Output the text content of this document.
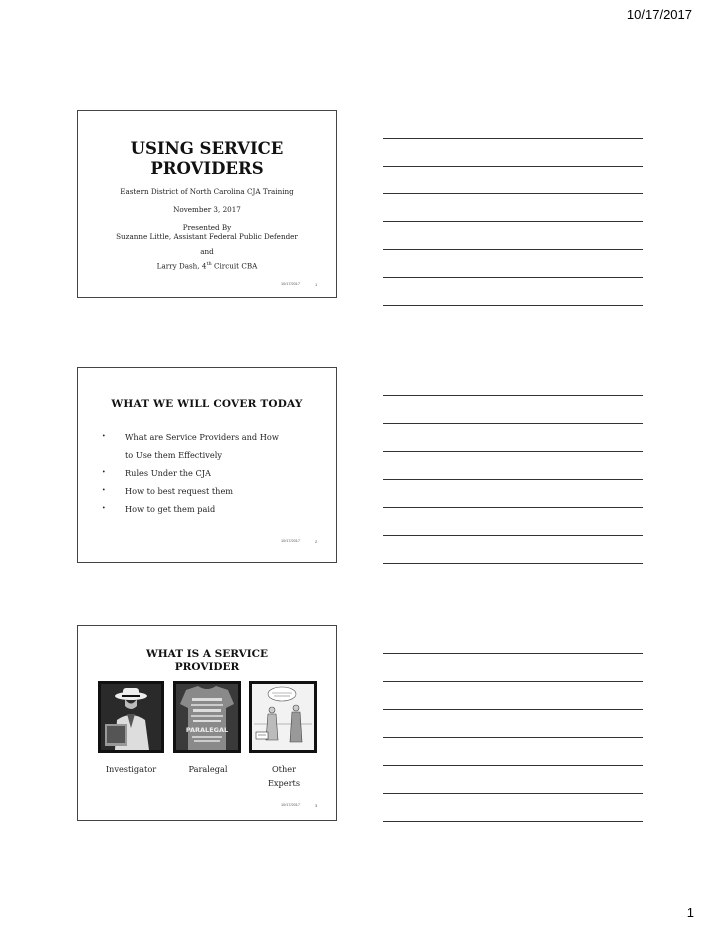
10/17/2017
USING SERVICE
PROVIDERS
Eastern District of North Carolina CJA Training
November 3, 2017
Presented By
Suzanne Little, Assistant Federal Public Defender
and
Larry Dash, 4th Circuit CBA
10/17/2017	1
WHAT WE WILL COVER TODAY
• What are Service Providers and How
to Use them Effectively
• Rules Under the CJA
• How to best request them
• How to get them paid
10/17/2017	2
WHAT IS A SERVICE
PROVIDER
PARALEGAL
Investigator	Paralegal	Other
Experts
10/17/2017	3
1
